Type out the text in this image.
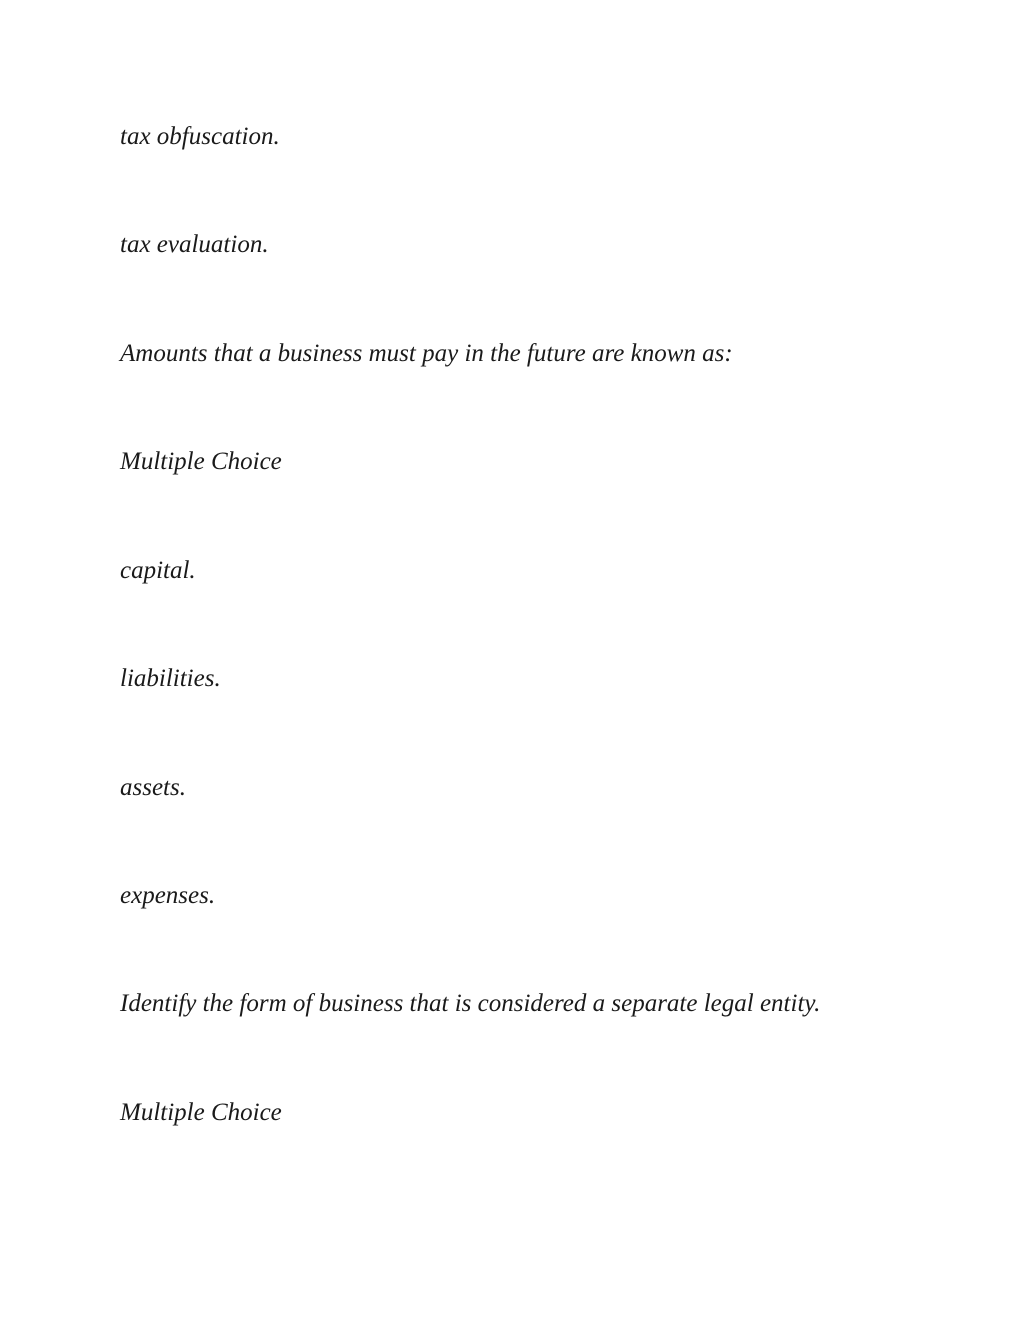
tax obfuscation.

tax evaluation.

Amounts that a business must pay in the future are known as:

Multiple Choice

capital.

liabilities.

assets.

expenses.

Identify the form of business that is considered a separate legal entity.

Multiple Choice
